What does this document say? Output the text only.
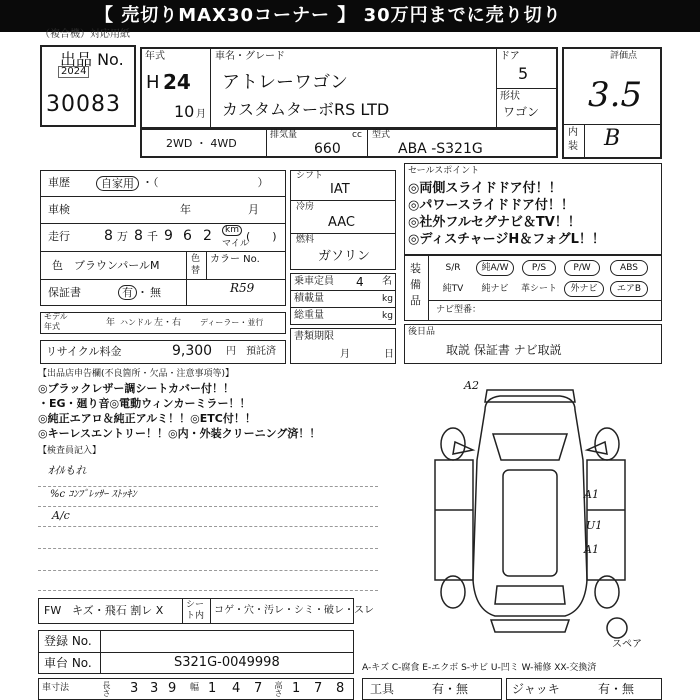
【 売切りMAX30コーナー 】 30万円までに売り切り
（複合機）対応用紙
出品 No.
2024
30083
年式
H 24
10 月
車名・グレード
アトレーワゴン
カスタムターボRS LTD
ドア
5
形状
ワゴン
評価点
3.5
内
装 B
2WD ・ 4WD
排気量	cc
660
型式
ABA -S321G
車歴	自家用 ・（　　　　　　　　　）
車検	年	月
走行 8 万 8 千 9 6 2	km
マイル
(　　)
色 ブラウンパールM	色
替
カラー No.
R59
保証書	有 ・ 無
モデル
年式	年 ハンドル 左・右 ディーラー・並行
リサイクル料金	9,300 円 預託済
シフト
IAT
冷房
AAC
燃料
ガソリン
乗車定員 4 名
積載量	kg
総重量	kg
書類期限
月	日
セールスポイント
◎両側スライドドア付！！
◎パワースライドドア付！！
◎社外フルセグナビ＆TV！！
◎ディスチャージH＆フォグL！！
装
備
品
S/R	純A/W	P/S	P/W	ABS
純TV	純ナビ	革シート	外ナビ	エアB
ナビ型番：
後日品
取説 保証書 ナビ取説
【出品店申告欄(不良箇所・欠品・注意事項等)】
◎ブラックレザー調シートカバー付！！
・EG・廻り音◎電動ウィンカーミラー！！
◎純正エアロ＆純正アルミ！！◎ETC付！！
◎キーレスエントリー！！◎内・外装クリーニング済！！
【検査員記入】
ｵｲﾙもれ
%c ｺﾝﾌﾟﾚｯｻｰ ｽﾄｯｷﾝ
A/c
A2
A1
U1
A1
スペア
FW キズ・飛石 割レ X	シー
ト内 コゲ・穴・汚レ・シミ・破レ・スレ
登録 No.
車台 No.	S321G-0049998	A-キズ C-腐食 E-エクボ S-サビ U-凹ミ W-補修 XX-交換済
車寸法	長さ 3 3 9 幅 1 4 7 高さ 1 7 8 工具	有・無	ジャッキ	有・無
